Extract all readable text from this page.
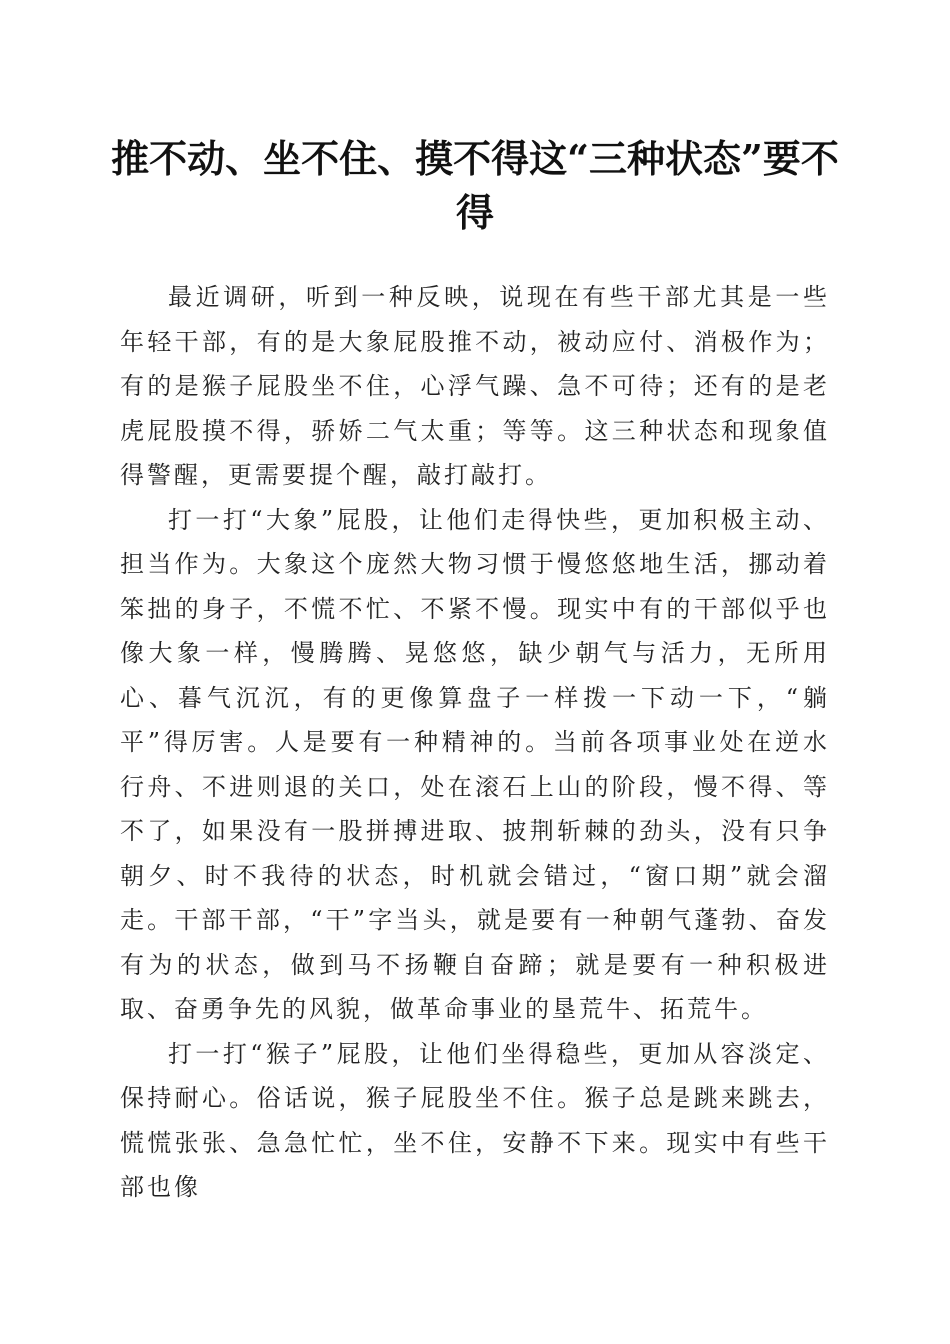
推不动、坐不住、摸不得这“三种状态”要不得

最近调研，听到一种反映，说现在有些干部尤其是一些年轻干部，有的是大象屁股推不动，被动应付、消极作为；有的是猴子屁股坐不住，心浮气躁、急不可待；还有的是老虎屁股摸不得，骄娇二气太重；等等。这三种状态和现象值得警醒，更需要提个醒，敲打敲打。

打一打“大象”屁股，让他们走得快些，更加积极主动、担当作为。大象这个庞然大物习惯于慢悠悠地生活，挪动着笨拙的身子，不慌不忙、不紧不慢。现实中有的干部似乎也像大象一样，慢腾腾、晃悠悠，缺少朝气与活力，无所用心、暮气沉沉，有的更像算盘子一样拨一下动一下，“躺平”得厉害。人是要有一种精神的。当前各项事业处在逆水行舟、不进则退的关口，处在滚石上山的阶段，慢不得、等不了，如果没有一股拼搏进取、披荆斩棘的劲头，没有只争朝夕、时不我待的状态，时机就会错过，“窗口期”就会溜走。干部干部，“干”字当头，就是要有一种朝气蓬勃、奋发有为的状态，做到马不扬鞭自奋蹄；就是要有一种积极进取、奋勇争先的风貌，做革命事业的垦荒牛、拓荒牛。

打一打“猴子”屁股，让他们坐得稳些，更加从容淡定、保持耐心。俗话说，猴子屁股坐不住。猴子总是跳来跳去，慌慌张张、急急忙忙，坐不住，安静不下来。现实中有些干部也像
